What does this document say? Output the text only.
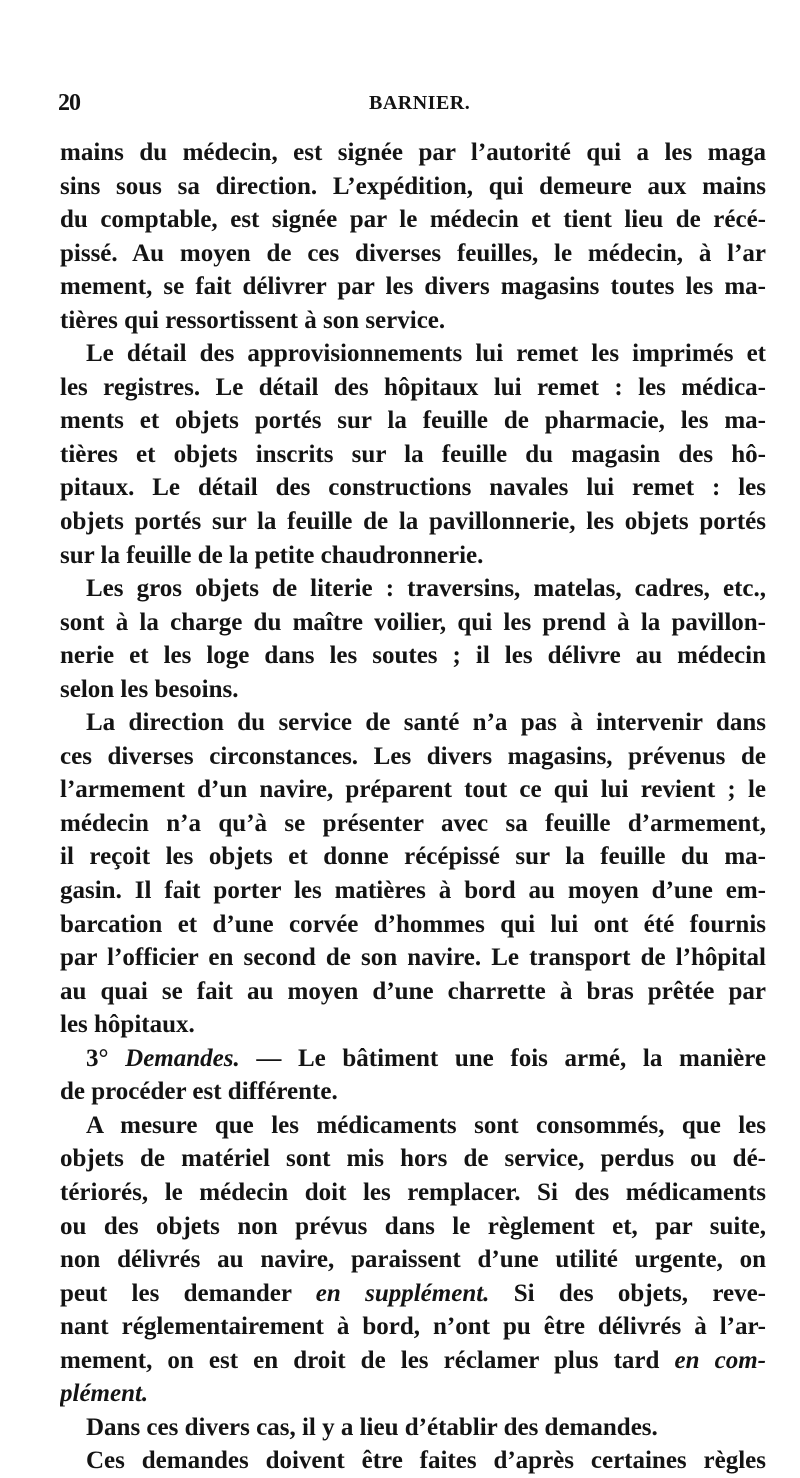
20	BARNIER.
mains du médecin, est signée par l’autorité qui a les maga
sins sous sa direction. L’expédition, qui demeure aux mains
du comptable, est signée par le médecin et tient lieu de récé-
pissé. Au moyen de ces diverses feuilles, le médecin, à l’ar
mement, se fait délivrer par les divers magasins toutes les ma-
tières qui ressortissent à son service.
Le détail des approvisionnements lui remet les imprimés et
les registres. Le détail des hôpitaux lui remet : les médica-
ments et objets portés sur la feuille de pharmacie, les ma-
tières et objets inscrits sur la feuille du magasin des hô-
pitaux. Le détail des constructions navales lui remet : les
objets portés sur la feuille de la pavillonnerie, les objets portés
sur la feuille de la petite chaudronnerie.
Les gros objets de literie : traversins, matelas, cadres, etc.,
sont à la charge du maître voilier, qui les prend à la pavillon-
nerie et les loge dans les soutes ; il les délivre au médecin
selon les besoins.
La direction du service de santé n’a pas à intervenir dans
ces diverses circonstances. Les divers magasins, prévenus de
l’armement d’un navire, préparent tout ce qui lui revient ; le
médecin n’a qu’à se présenter avec sa feuille d’armement,
il reçoit les objets et donne récépissé sur la feuille du ma-
gasin. Il fait porter les matières à bord au moyen d’une em-
barcation et d’une corvée d’hommes qui lui ont été fournis
par l’officier en second de son navire. Le transport de l’hôpital
au quai se fait au moyen d’une charrette à bras prêtée par
les hôpitaux.
3° Demandes. — Le bâtiment une fois armé, la manière
de procéder est différente.
A mesure que les médicaments sont consommés, que les
objets de matériel sont mis hors de service, perdus ou dé-
tériorés, le médecin doit les remplacer. Si des médicaments
ou des objets non prévus dans le règlement et, par suite,
non délivrés au navire, paraissent d’une utilité urgente, on
peut les demander en supplément. Si des objets, reve-
nant réglementairement à bord, n’ont pu être délivrés à l’ar-
mement, on est en droit de les réclamer plus tard en com-
plément.
Dans ces divers cas, il y a lieu d’établir des demandes.
Ces demandes doivent être faites d’après certaines règles
